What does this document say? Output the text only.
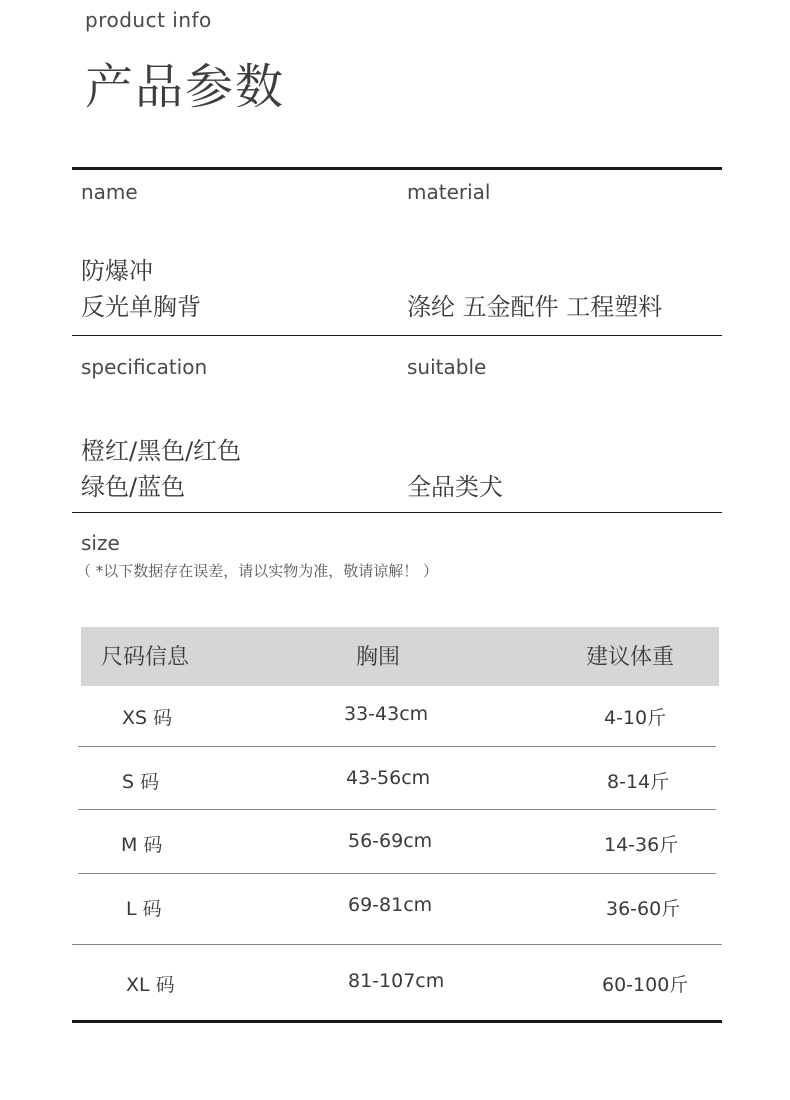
product info
产品参数
name	material
防爆冲
反光单胸背	涤纶 五金配件 工程塑料
specification	suitable
橙红/黑色/红色
绿色/蓝色	全品类犬
size
（ *以下数据存在误差，请以实物为准，敬请谅解！ ）
尺码信息	胸围	建议体重
XS 码	33-43cm	4-10斤
S 码	43-56cm	8-14斤
M 码	56-69cm	14-36斤
L 码	69-81cm	36-60斤
XL 码	81-107cm	60-100斤
